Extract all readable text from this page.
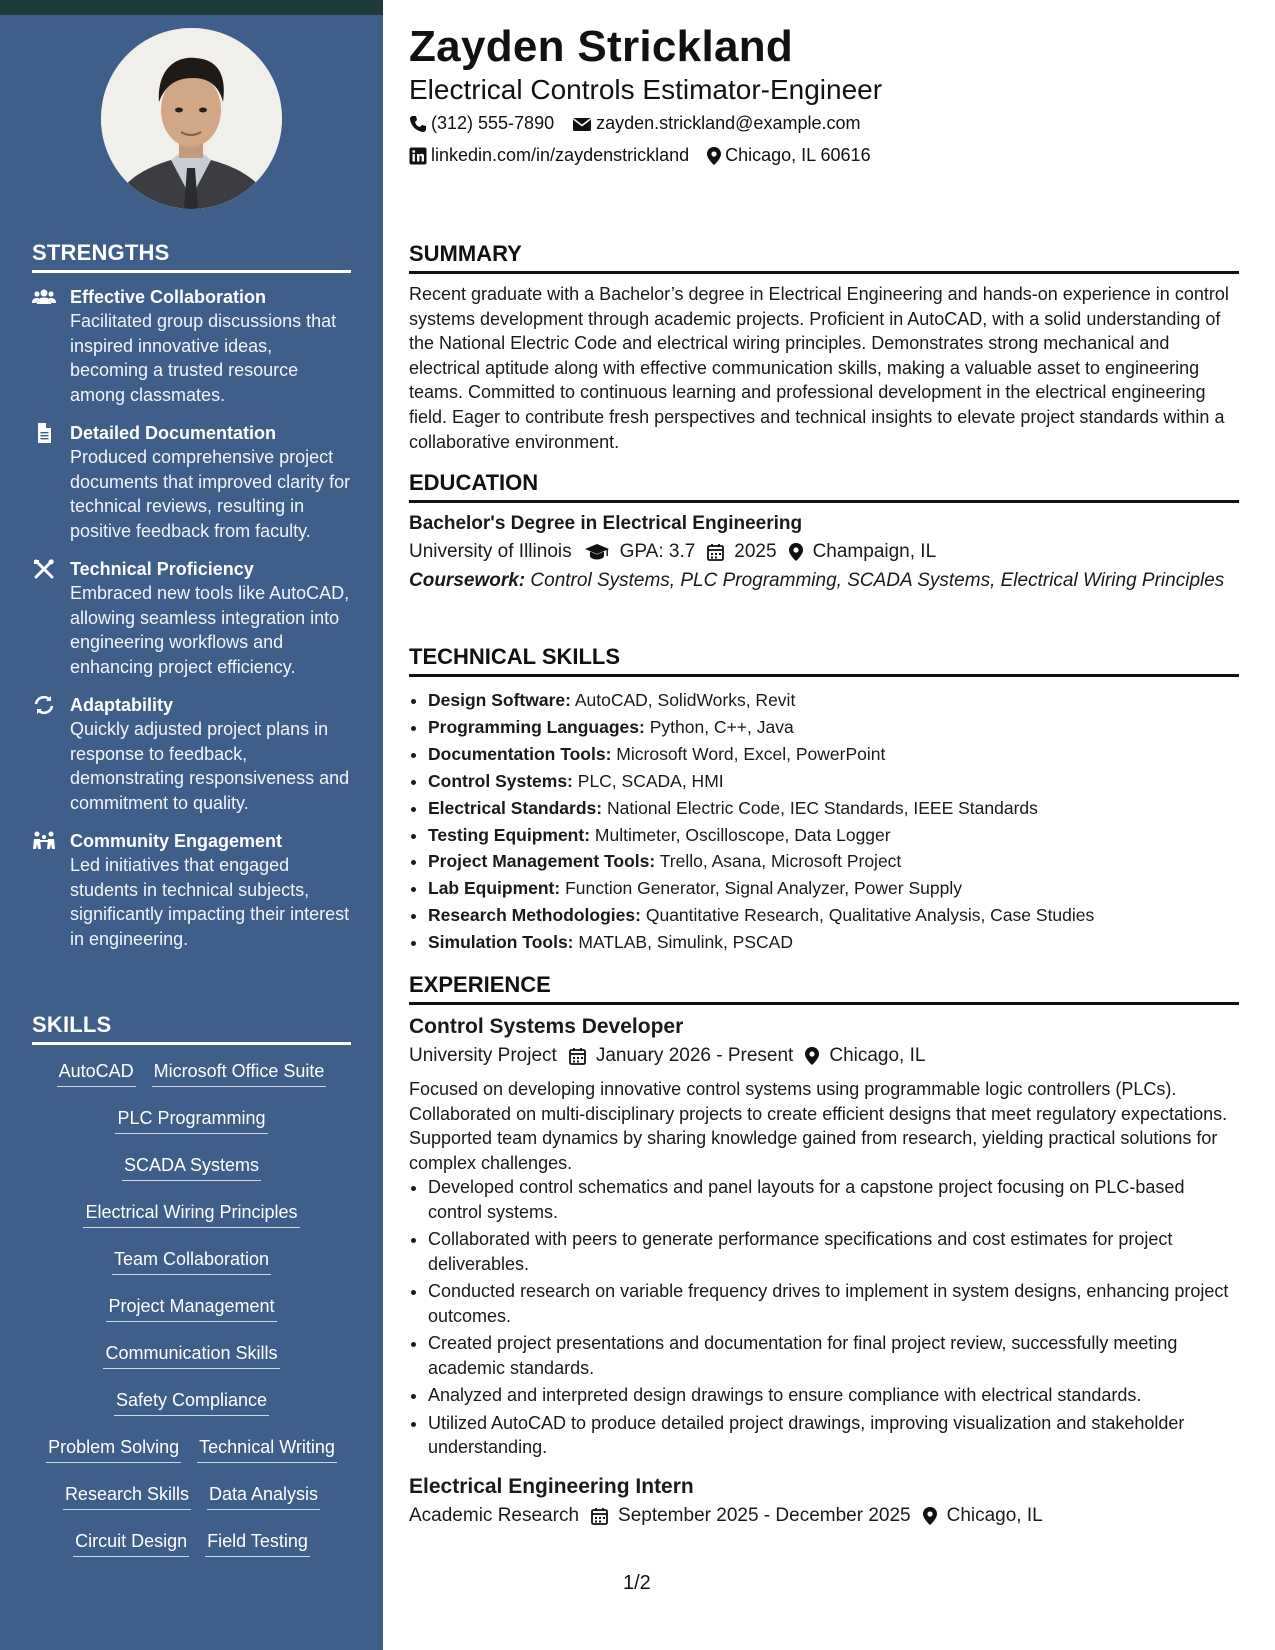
STRENGTHS
Effective Collaboration
Facilitated group discussions that inspired innovative ideas, becoming a trusted resource among classmates.
Detailed Documentation
Produced comprehensive project documents that improved clarity for technical reviews, resulting in positive feedback from faculty.
Technical Proficiency
Embraced new tools like AutoCAD, allowing seamless integration into engineering workflows and enhancing project efficiency.
Adaptability
Quickly adjusted project plans in response to feedback, demonstrating responsiveness and commitment to quality.
Community Engagement
Led initiatives that engaged students in technical subjects, significantly impacting their interest in engineering.
SKILLS
AutoCAD Microsoft Office Suite
PLC Programming
SCADA Systems
Electrical Wiring Principles
Team Collaboration
Project Management
Communication Skills
Safety Compliance
Problem Solving Technical Writing
Research Skills Data Analysis
Circuit Design Field Testing
Zayden Strickland
Electrical Controls Estimator-Engineer
(312) 555-7890 zayden.strickland@example.com
linkedin.com/in/zaydenstrickland Chicago, IL 60616
SUMMARY
Recent graduate with a Bachelor’s degree in Electrical Engineering and hands-on experience in control systems development through academic projects. Proficient in AutoCAD, with a solid understanding of the National Electric Code and electrical wiring principles. Demonstrates strong mechanical and electrical aptitude along with effective communication skills, making a valuable asset to engineering teams. Committed to continuous learning and professional development in the electrical engineering field. Eager to contribute fresh perspectives and technical insights to elevate project standards within a collaborative environment.
EDUCATION
Bachelor's Degree in Electrical Engineering
University of Illinois	GPA: 3.7 2025 Champaign, IL
Coursework: Control Systems, PLC Programming, SCADA Systems, Electrical Wiring Principles
TECHNICAL SKILLS
• Design Software: AutoCAD, SolidWorks, Revit
• Programming Languages: Python, C++, Java
• Documentation Tools: Microsoft Word, Excel, PowerPoint
• Control Systems: PLC, SCADA, HMI
• Electrical Standards: National Electric Code, IEC Standards, IEEE Standards
• Testing Equipment: Multimeter, Oscilloscope, Data Logger
• Project Management Tools: Trello, Asana, Microsoft Project
• Lab Equipment: Function Generator, Signal Analyzer, Power Supply
• Research Methodologies: Quantitative Research, Qualitative Analysis, Case Studies
• Simulation Tools: MATLAB, Simulink, PSCAD
EXPERIENCE
Control Systems Developer
University Project January 2026 - Present Chicago, IL
Focused on developing innovative control systems using programmable logic controllers (PLCs). Collaborated on multi-disciplinary projects to create efficient designs that meet regulatory expectations. Supported team dynamics by sharing knowledge gained from research, yielding practical solutions for complex challenges.
• Developed control schematics and panel layouts for a capstone project focusing on PLC-based control systems.
• Collaborated with peers to generate performance specifications and cost estimates for project deliverables.
• Conducted research on variable frequency drives to implement in system designs, enhancing project outcomes.
• Created project presentations and documentation for final project review, successfully meeting academic standards.
• Analyzed and interpreted design drawings to ensure compliance with electrical standards.
• Utilized AutoCAD to produce detailed project drawings, improving visualization and stakeholder understanding.
Electrical Engineering Intern
Academic Research September 2025 - December 2025 Chicago, IL
1/2
